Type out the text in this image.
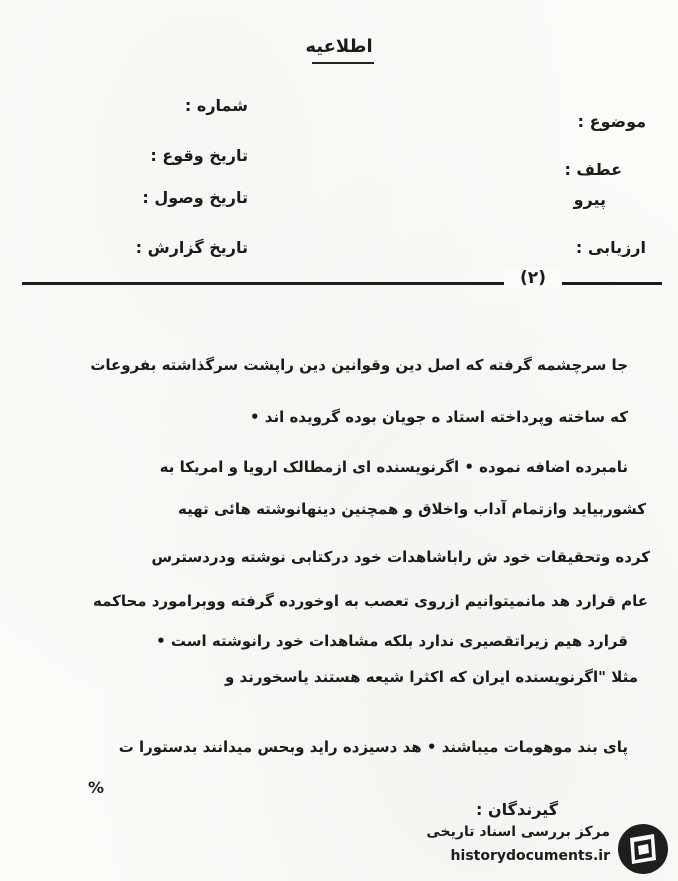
اطلاعیه
موضوع :
ارزیابی :
عطف :
پیرو
شماره :
تاریخ وقوع :
تاریخ وصول :
تاریخ گزارش :
(۲)
جا سرچشمه گرفته که اصل دین وقوانین دین راپشت سرگذاشته بفروعات
که ساخته وپرداخته استاد ه جویان بوده گرویده اند •
نامبرده اضافه نموده • اگرنویسنده ای ازمطالک ارویا و امریکا به
کشوربیاید وازتمام آداب واخلاق و همچنین دینهانوشته هائی تهیه
کرده وتحقیقات خود ش راباشاهدات خود درکتابی نوشته ودردسترس
عام قرارد هد مانمیتوانیم ازروی تعصب به اوخورده گرفته ووبرامورد محاکمه
قرارد هیم زیراتقصیری ندارد بلکه مشاهدات خود رانوشته است •
مثلا "اگرنویسنده ایران که اکثرا شیعه هستند یاسخورند و
پای بند موهومات میباشند • هد دسیزده راید وبحس میدانند بدستورا ت
%
گیرندگان :
مرکز بررسی اسناد تاریخی
historydocuments.ir
